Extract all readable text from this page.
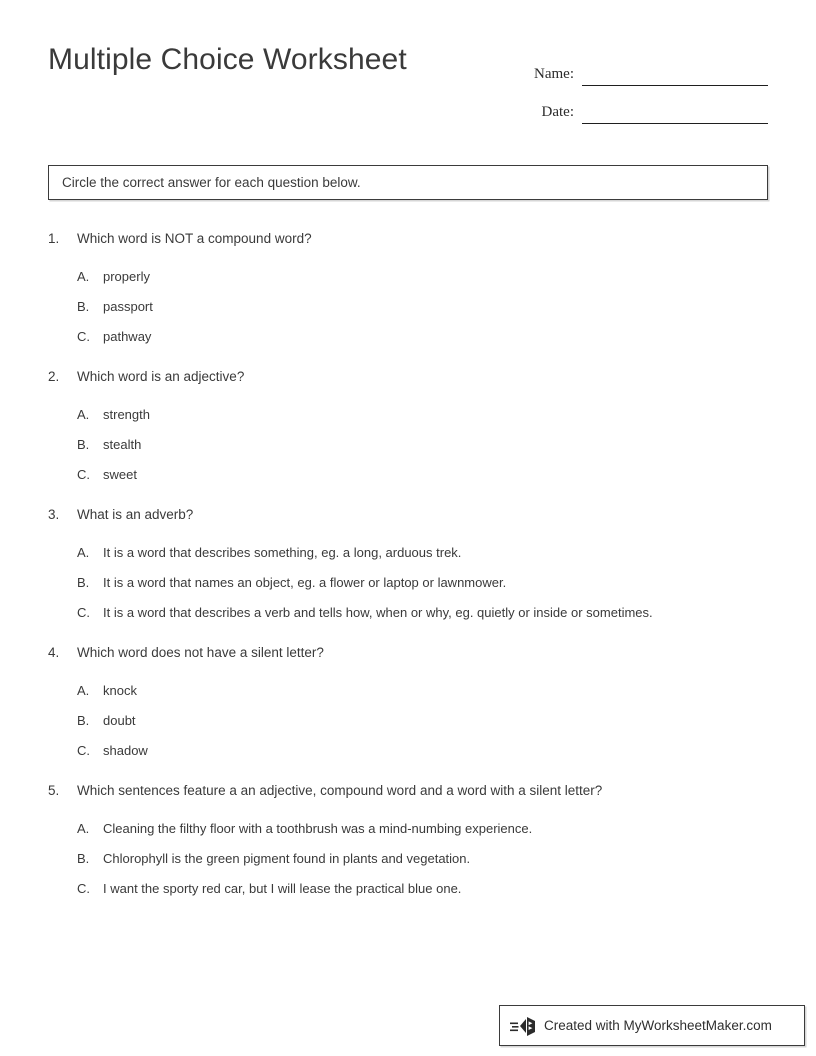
Multiple Choice Worksheet	Name:
Date:
Circle the correct answer for each question below.
1.	Which word is NOT a compound word?
A.	properly
B.	passport
C.	pathway
2.	Which word is an adjective?
A.	strength
B.	stealth
C.	sweet
3.	What is an adverb?
A.	It is a word that describes something, eg. a long, arduous trek.
B.	It is a word that names an object, eg. a flower or laptop or lawnmower.
C.	It is a word that describes a verb and tells how, when or why, eg. quietly or inside or sometimes.
4.	Which word does not have a silent letter?
A.	knock
B.	doubt
C.	shadow
5.	Which sentences feature a an adjective, compound word and a word with a silent letter?
A.	Cleaning the filthy floor with a toothbrush was a mind-numbing experience.
B.	Chlorophyll is the green pigment found in plants and vegetation.
C.	I want the sporty red car, but I will lease the practical blue one.
Created with MyWorksheetMaker.com
